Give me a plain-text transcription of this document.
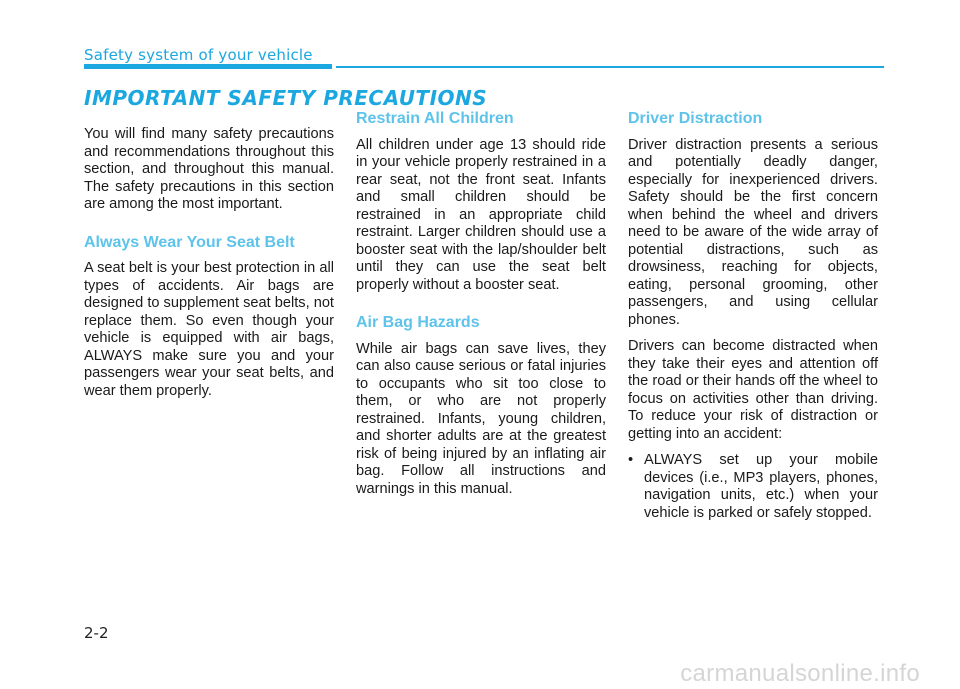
Safety system of your vehicle
IMPORTANT SAFETY PRECAUTIONS

You will find many safety precautions and recommendations throughout this section, and throughout this manual. The safety precautions in this section are among the most important.

Always Wear Your Seat Belt

A seat belt is your best protection in all types of accidents. Air bags are designed to supplement seat belts, not replace them. So even though your vehicle is equipped with air bags, ALWAYS make sure you and your passengers wear your seat belts, and wear them properly.

Restrain All Children

All children under age 13 should ride in your vehicle properly restrained in a rear seat, not the front seat. Infants and small children should be restrained in an appropriate child restraint. Larger children should use a booster seat with the lap/shoulder belt until they can use the seat belt properly without a booster seat.

Air Bag Hazards

While air bags can save lives, they can also cause serious or fatal injuries to occupants who sit too close to them, or who are not properly restrained. Infants, young children, and shorter adults are at the greatest risk of being injured by an inflating air bag. Follow all instructions and warnings in this manual.

Driver Distraction

Driver distraction presents a serious and potentially deadly danger, especially for inexperienced drivers. Safety should be the first concern when behind the wheel and drivers need to be aware of the wide array of potential distractions, such as drowsiness, reaching for objects, eating, personal grooming, other passengers, and using cellular phones.

Drivers can become distracted when they take their eyes and attention off the road or their hands off the wheel to focus on activities other than driving. To reduce your risk of distraction or getting into an accident:

• ALWAYS set up your mobile devices (i.e., MP3 players, phones, navigation units, etc.) when your vehicle is parked or safely stopped.
2-2
carmanualsonline.info
